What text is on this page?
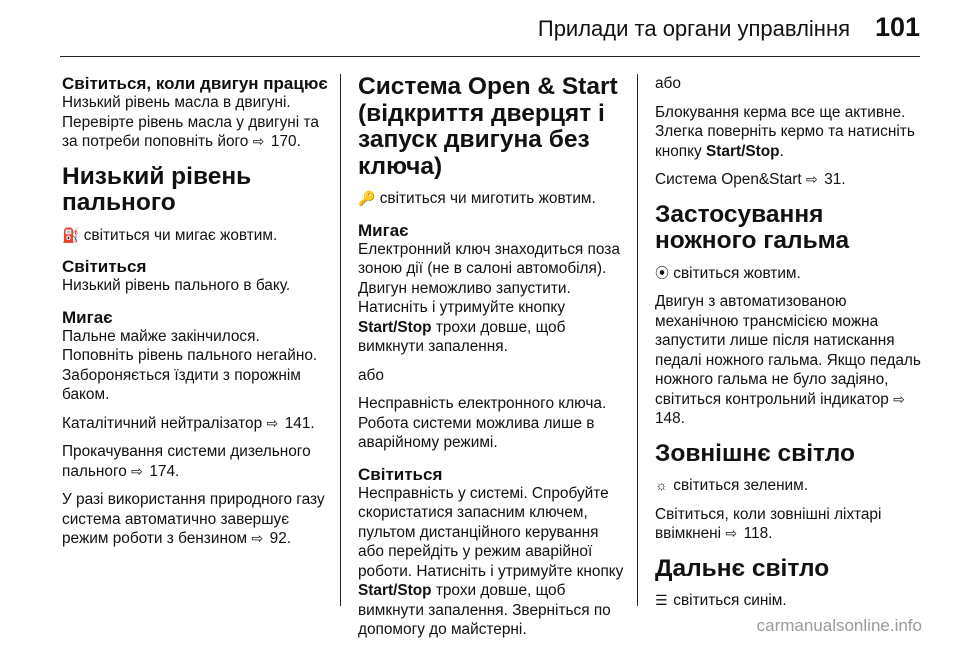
Прилади та органи управління 101
Світиться, коли двигун працює

Низький рівень масла в двигуні. Перевірте рівень масла у двигуні та за потреби поповніть його ⇨ 170.

Низький рівень пального

⛽ світиться чи мигає жовтим.

Світиться

Низький рівень пального в баку.

Мигає

Пальне майже закінчилося. Поповніть рівень пального негайно. Забороняється їздити з порожнім баком.

Каталітичний нейтралізатор ⇨ 141.

Прокачування системи дизельного пального ⇨ 174.

У разі використання природного газу система автоматично завершує режим роботи з бензином ⇨ 92.

Система Open & Start (відкриття дверцят і запуск двигуна без ключа)

🔑 світиться чи миготить жовтим.

Мигає

Електронний ключ знаходиться поза зоною дії (не в салоні автомобіля). Двигун неможливо запустити. Натисніть і утримуйте кнопку Start/Stop трохи довше, щоб вимкнути запалення.

або

Несправність електронного ключа. Робота системи можлива лише в аварійному режимі.

Світиться

Несправність у системі. Спробуйте скористатися запасним ключем, пультом дистанційного керування або перейдіть у режим аварійної роботи. Натисніть і утримуйте кнопку Start/Stop трохи довше, щоб вимкнути запалення. Зверніться по допомогу до майстерні.

або

Блокування керма все ще активне. Злегка поверніть кермо та натисніть кнопку Start/Stop.

Система Open&Start ⇨ 31.

Застосування ножного гальма

⦿ світиться жовтим.

Двигун з автоматизованою механічною трансмісією можна запустити лише після натискання педалі ножного гальма. Якщо педаль ножного гальма не було задіяно, світиться контрольний індикатор ⇨ 148.

Зовнішнє світло

☼ світиться зеленим.

Світиться, коли зовнішні ліхтарі ввімкнені ⇨ 118.

Дальнє світло

☰ світиться синім.

carmanualsonline.info
